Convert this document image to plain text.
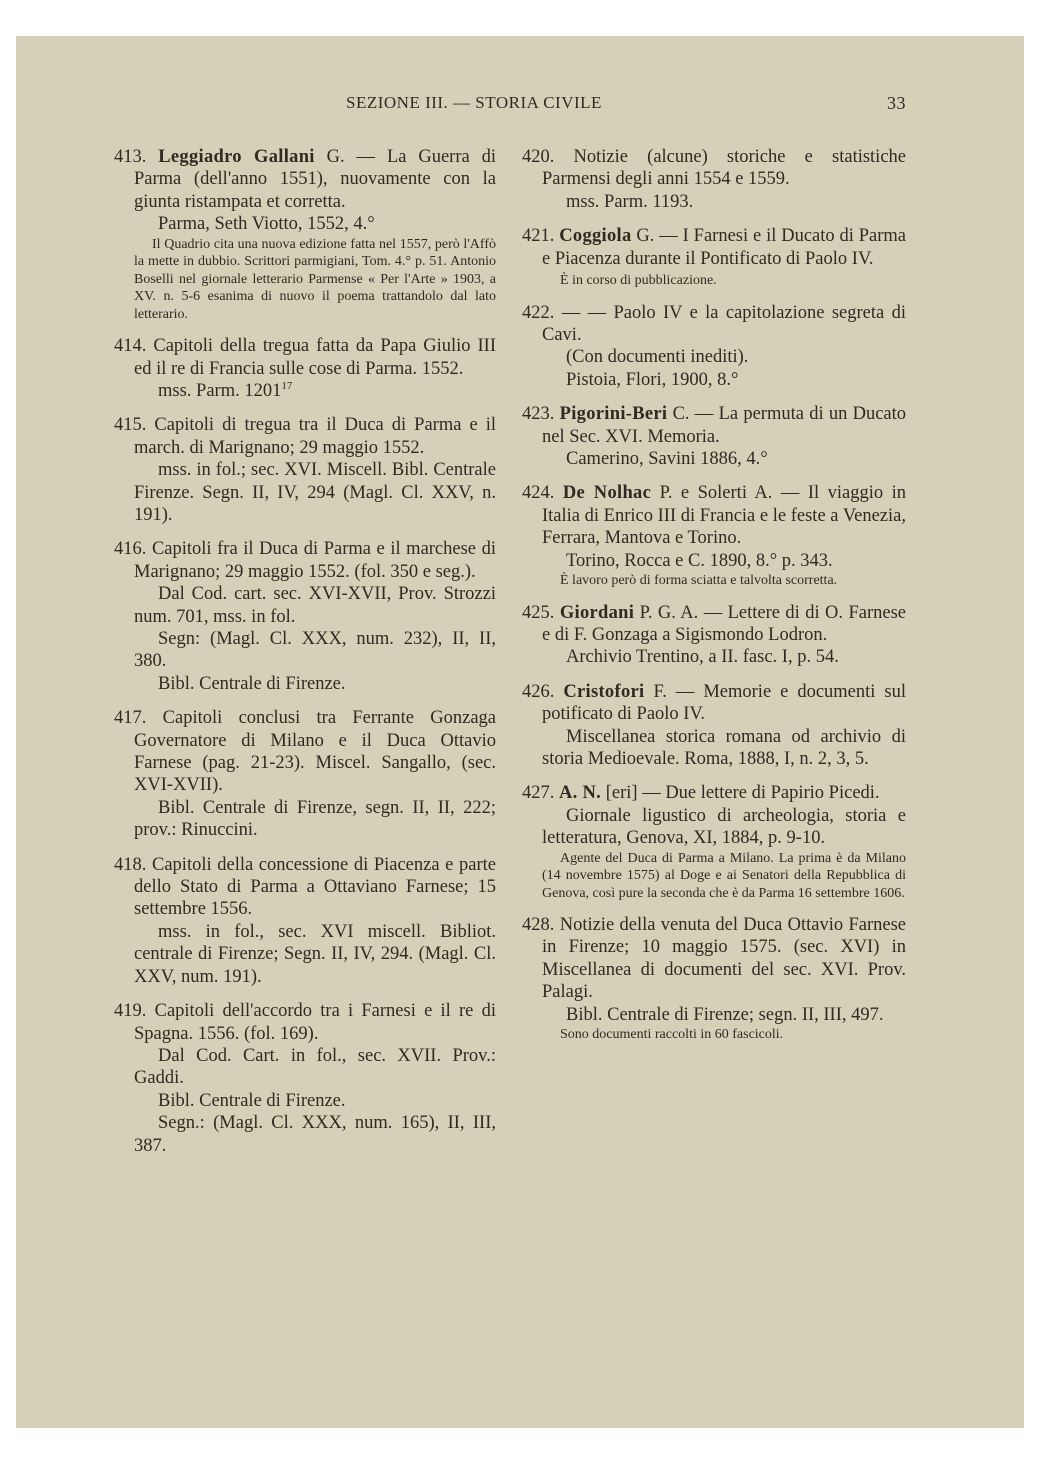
SEZIONE III. — STORIA CIVILE	33

413. Leggiadro Gallani G. — La Guerra di Parma (dell'anno 1551), nuovamente con la giunta ristampata et corretta.

Parma, Seth Viotto, 1552, 4.°

Il Quadrio cita una nuova edizione fatta nel 1557, però l'Affò la mette in dubbio. Scrittori parmigiani, Tom. 4.° p. 51. Antonio Boselli nel giornale letterario Parmense « Per l'Arte » 1903, a XV. n. 5-6 esanima di nuovo il poema trattandolo dal lato letterario.

414. Capitoli della tregua fatta da Papa Giulio III ed il re di Francia sulle cose di Parma. 1552.

mss. Parm. 1201$^{17}$

415. Capitoli di tregua tra il Duca di Parma e il march. di Marignano; 29 maggio 1552.

mss. in fol.; sec. XVI. Miscell. Bibl. Centrale Firenze. Segn. II, IV, 294 (Magl. Cl. XXV, n. 191).

416. Capitoli fra il Duca di Parma e il marchese di Marignano; 29 maggio 1552. (fol. 350 e seg.).

Dal Cod. cart. sec. XVI-XVII, Prov. Strozzi num. 701, mss. in fol.

Segn: (Magl. Cl. XXX, num. 232), II, II, 380.

Bibl. Centrale di Firenze.

417. Capitoli conclusi tra Ferrante Gonzaga Governatore di Milano e il Duca Ottavio Farnese (pag. 21-23). Miscel. Sangallo, (sec. XVI-XVII).

Bibl. Centrale di Firenze, segn. II, II, 222; prov.: Rinuccini.

418. Capitoli della concessione di Piacenza e parte dello Stato di Parma a Ottaviano Farnese; 15 settembre 1556.

mss. in fol., sec. XVI miscell. Bibliot. centrale di Firenze; Segn. II, IV, 294. (Magl. Cl. XXV, num. 191).

419. Capitoli dell'accordo tra i Farnesi e il re di Spagna. 1556. (fol. 169).

Dal Cod. Cart. in fol., sec. XVII. Prov.: Gaddi.

Bibl. Centrale di Firenze.

Segn.: (Magl. Cl. XXX, num. 165), II, III, 387.

420. Notizie (alcune) storiche e statistiche Parmensi degli anni 1554 e 1559.

mss. Parm. 1193.

421. Coggiola G. — I Farnesi e il Ducato di Parma e Piacenza durante il Pontificato di Paolo IV.

È in corso di pubblicazione.

422. — — Paolo IV e la capitolazione segreta di Cavi.

(Con documenti inediti).

Pistoia, Flori, 1900, 8.°

423. Pigorini-Beri C. — La permuta di un Ducato nel Sec. XVI. Memoria.

Camerino, Savini 1886, 4.°

424. De Nolhac P. e Solerti A. — Il viaggio in Italia di Enrico III di Francia e le feste a Venezia, Ferrara, Mantova e Torino.

Torino, Rocca e C. 1890, 8.° p. 343.

È lavoro però di forma sciatta e talvolta scorretta.

425. Giordani P. G. A. — Lettere di di O. Farnese e di F. Gonzaga a Sigismondo Lodron.

Archivio Trentino, a II. fasc. I, p. 54.

426. Cristofori F. — Memorie e documenti sul potificato di Paolo IV.

Miscellanea storica romana od archivio di storia Medioevale. Roma, 1888, I, n. 2, 3, 5.

427. A. N. [eri] — Due lettere di Papirio Picedi.

Giornale ligustico di archeologia, storia e letteratura, Genova, XI, 1884, p. 9-10.

Agente del Duca di Parma a Milano. La prima è da Milano (14 novembre 1575) al Doge e ai Senatori della Repubblica di Genova, così pure la seconda che è da Parma 16 settembre 1606.

428. Notizie della venuta del Duca Ottavio Farnese in Firenze; 10 maggio 1575. (sec. XVI) in Miscellanea di documenti del sec. XVI. Prov. Palagi.

Bibl. Centrale di Firenze; segn. II, III, 497.

Sono documenti raccolti in 60 fascicoli.
